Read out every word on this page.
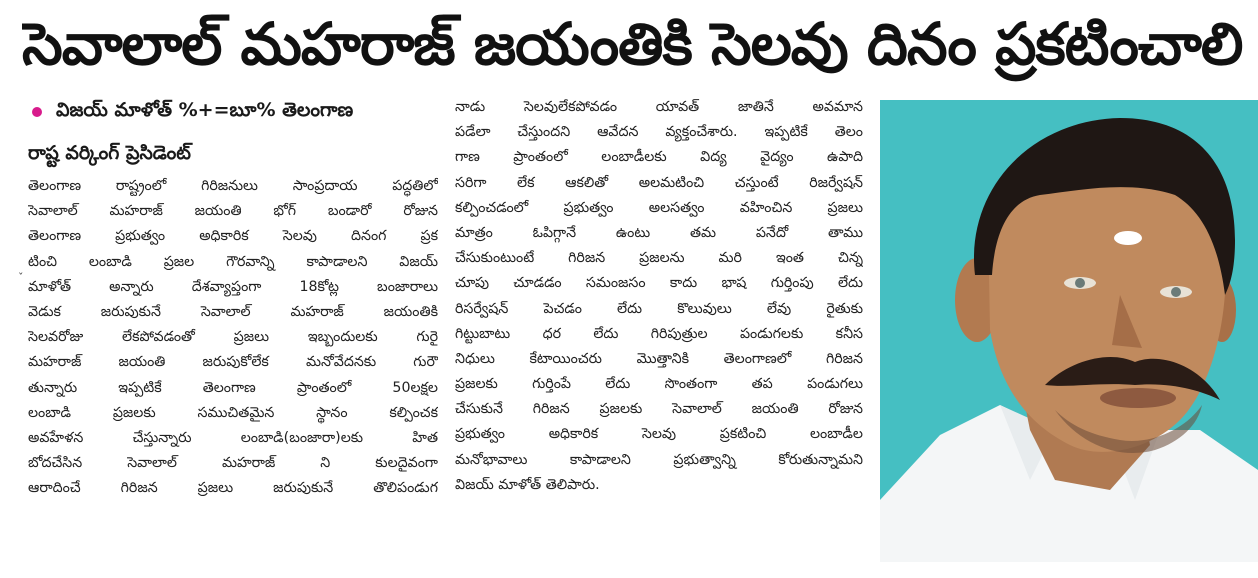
సెవాలాల్ మహరాజ్ జయంతికి సెలవు దినం ప్రకటించాలి
విజయ్ మాళోత్ %+=బూ% తెలంగాణ
రాష్ట వర్కింగ్ ప్రెసిడెంట్
తెలంగాణ రాష్ట్రంలో గిరిజనులు సాంప్రదాయ పద్ధతిలో
సెవాలాల్ మహరాజ్ జయంతి భోగ్ బండారో రోజున
తెలంగాణ ప్రభుత్వం అధికారిక సెలవు దినంగ ప్రక
టించి లంబాడి ప్రజల గౌరవాన్ని కాపాడాలని విజయ్
మాళోత్ అన్నారు దేశవ్యాప్తంగా 18కోట్ల బంజారాలు
వెడుక జరుపుకునే సెవాలాల్ మహరాజ్ జయంతికి
సెలవరోజు లేకపోవడంతో ప్రజలు ఇబ్బందులకు గురై
మహరాజ్ జయంతి జరుపుకోలేక మనోవేదనకు గురౌ
తున్నారు ఇప్పటికే తెలంగాణ ప్రాంతంలో 50లక్షల
లంబాడి ప్రజలకు సముచితమైన స్థానం కల్పించక
అవహేళన చేస్తున్నారు లంబాడి(బంజారా)లకు హిత
బోదచేసిన సెవాలాల్ మహరాజ్ ని కులదైవంగా
ఆరాదించే గిరిజన ప్రజలు జరుపుకునే తొలిపండుగ
ˇ
నాడు సెలవులేకపోవడం యావత్ జాతినే అవమాన
పడేలా చేస్తుందని ఆవేదన వ్యక్తంచేశారు. ఇప్పటికే తెలం
గాణ ప్రాంతంలో లంబాడీలకు విద్య వైద్యం ఉపాది
సరిగా లేక ఆకలితో అలమటించి చస్తుంటే రిజర్వేషన్
కల్పించడంలో ప్రభుత్వం అలసత్వం వహించిన ప్రజలు
మాత్రం ఓపిగ్గానే ఉంటు తమ పనేదో తాము
చేసుకుంటుంటే గిరిజన ప్రజలను మరి ఇంత చిన్న
చూపు చూడడం సమంజసం కాదు భాష గుర్తింపు లేదు
రిసర్వేషన్ పెచడం లేదు కొలువులు లేవు రైతుకు
గిట్టుబాటు ధర లేదు గిరిపుత్రుల పండుగలకు కనీస
నిధులు కేటాయించరు మొత్తానికి తెలంగాణలో గిరిజన
ప్రజలకు గుర్తింపే లేదు సొంతంగా తప పండుగలు
చేసుకునే గిరిజన ప్రజలకు సెవాలాల్ జయంతి రోజున
ప్రభుత్వం అధికారిక సెలవు ప్రకటించి లంబాడీల
మనోభావాలు కాపాడాలని ప్రభుత్వాన్ని కోరుతున్నామని
విజయ్ మాళోత్ తెలిపారు.
